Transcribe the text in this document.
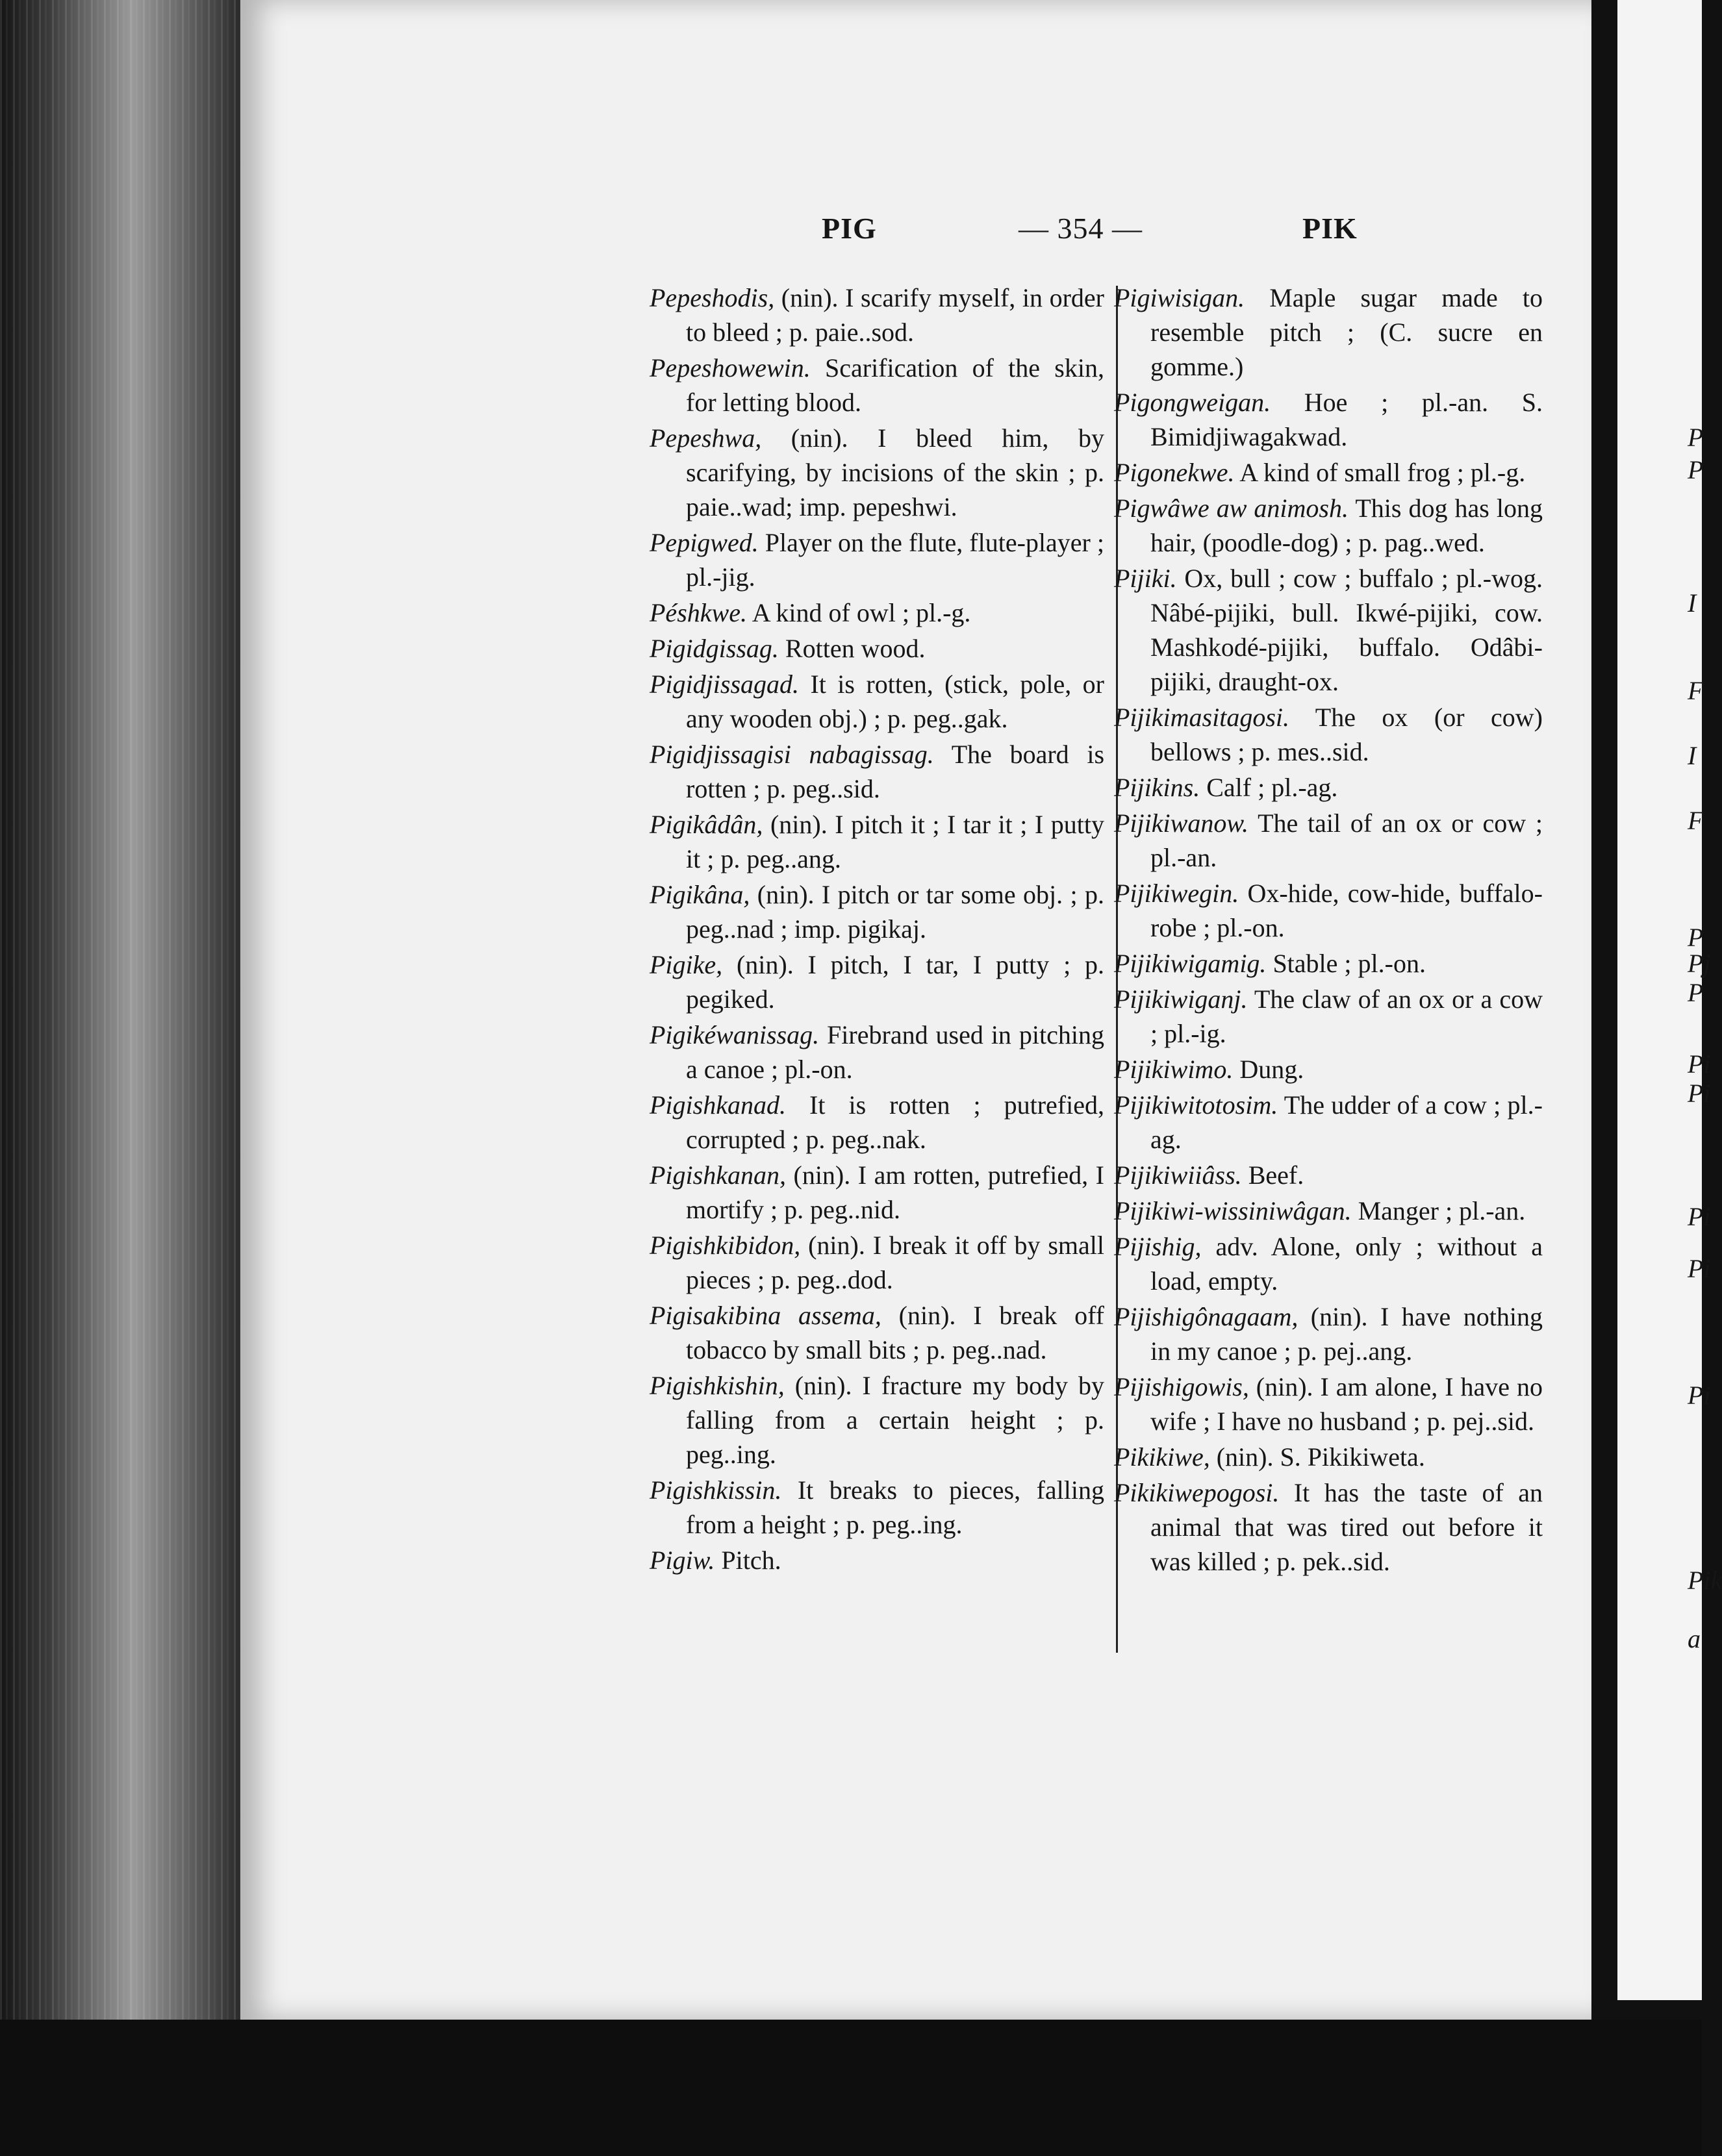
PIG	— 354 —	PIK
Pepeshodis, (nin). I scarify myself, in order to bleed ; p. paie..sod.
Pepeshowewin. Scarification of the skin, for letting blood.
Pepeshwa, (nin). I bleed him, by scarifying, by incisions of the skin ; p. paie..wad; imp. pepeshwi.
Pepigwed. Player on the flute, flute-player ; pl.-jig.
Péshkwe. A kind of owl ; pl.-g.
Pigidgissag. Rotten wood.
Pigidjissagad. It is rotten, (stick, pole, or any wooden obj.) ; p. peg..gak.
Pigidjissagisi nabagissag. The board is rotten ; p. peg..sid.
Pigikâdân, (nin). I pitch it ; I tar it ; I putty it ; p. peg..ang.
Pigikâna, (nin). I pitch or tar some obj. ; p. peg..nad ; imp. pigikaj.
Pigike, (nin). I pitch, I tar, I putty ; p. pegiked.
Pigikéwanissag. Firebrand used in pitching a canoe ; pl.-on.
Pigishkanad. It is rotten ; putrefied, corrupted ; p. peg..nak.
Pigishkanan, (nin). I am rotten, putrefied, I mortify ; p. peg..nid.
Pigishkibidon, (nin). I break it off by small pieces ; p. peg..dod.
Pigisakibina assema, (nin). I break off tobacco by small bits ; p. peg..nad.
Pigishkishin, (nin). I fracture my body by falling from a certain height ; p. peg..ing.
Pigishkissin. It breaks to pieces, falling from a height ; p. peg..ing.
Pigiw. Pitch.
Pigiwisigan. Maple sugar made to resemble pitch ; (C. sucre en gomme.)
Pigongweigan. Hoe ; pl.-an. S. Bimidjiwagakwad.
Pigonekwe. A kind of small frog ; pl.-g.
Pigwâwe aw animosh. This dog has long hair, (poodle-dog) ; p. pag..wed.
Pijiki. Ox, bull ; cow ; buffalo ; pl.-wog. Nâbé-pijiki, bull. Ikwé-pijiki, cow. Mashkodé-pijiki, buffalo. Odâbi-pijiki, draught-ox.
Pijikimasitagosi. The ox (or cow) bellows ; p. mes..sid.
Pijikins. Calf ; pl.-ag.
Pijikiwanow. The tail of an ox or cow ; pl.-an.
Pijikiwegin. Ox-hide, cow-hide, buffalo-robe ; pl.-on.
Pijikiwigamig. Stable ; pl.-on.
Pijikiwiganj. The claw of an ox or a cow ; pl.-ig.
Pijikiwimo. Dung.
Pijikiwitotosim. The udder of a cow ; pl.-ag.
Pijikiwiiâss. Beef.
Pijikiwi-wissiniwâgan. Manger ; pl.-an.
Pijishig, adv. Alone, only ; without a load, empty.
Pijishigônagaam, (nin). I have nothing in my canoe ; p. pej..ang.
Pijishigowis, (nin). I am alone, I have no wife ; I have no husband ; p. pej..sid.
Pikikiwe, (nin). S. Pikikiweta.
Pikikiwepogosi. It has the taste of an animal that was tired out before it was killed ; p. pek..sid.
P
P
I
F
I
F
P
Pj
P
Pi
Pi
Pi
Pi
Pi
Pik
a
